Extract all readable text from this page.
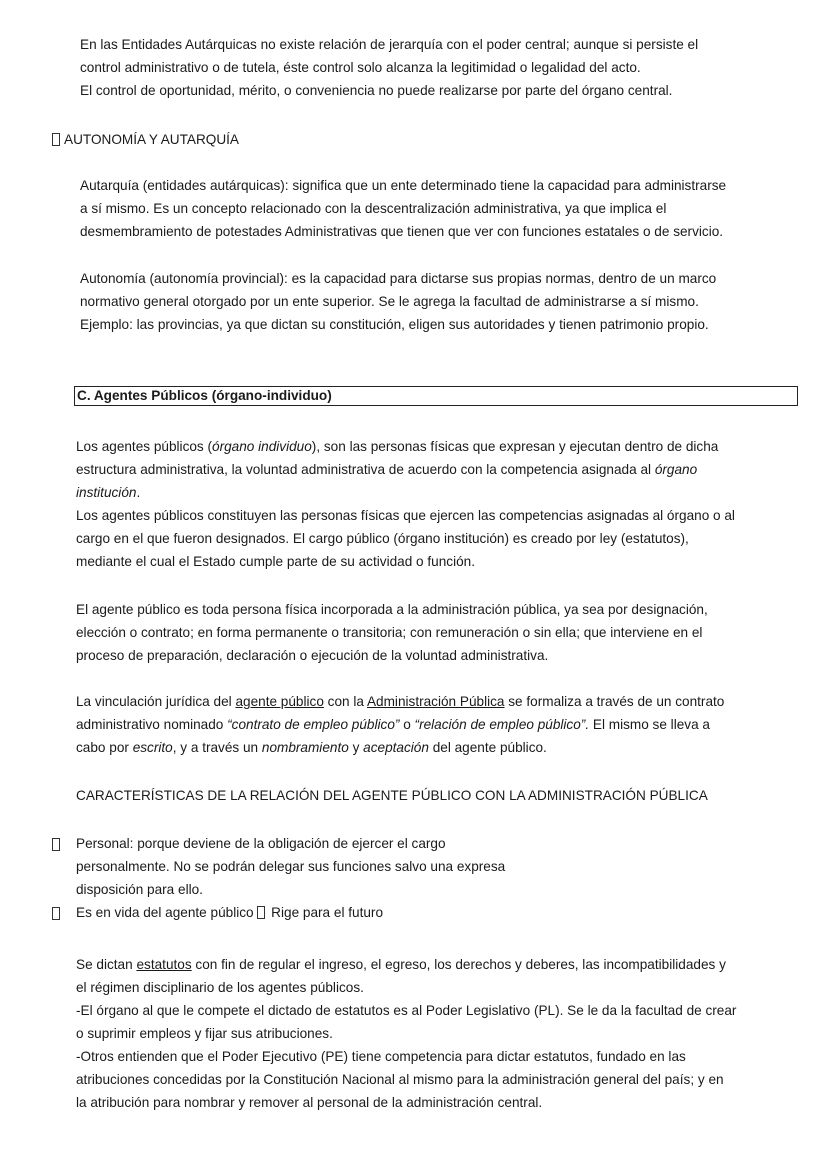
En las Entidades Autárquicas no existe relación de jerarquía con el poder central; aunque si persiste el
control administrativo o de tutela, éste control solo alcanza la legitimidad o legalidad del acto.
El control de oportunidad, mérito, o conveniencia no puede realizarse por parte del órgano central.
AUTONOMÍA Y AUTARQUÍA
Autarquía (entidades autárquicas): significa que un ente determinado tiene la capacidad para administrarse
a sí mismo. Es un concepto relacionado con la descentralización administrativa, ya que implica el
desmembramiento de potestades Administrativas que tienen que ver con funciones estatales o de servicio.
Autonomía (autonomía provincial): es la capacidad para dictarse sus propias normas, dentro de un marco
normativo general otorgado por un ente superior. Se le agrega la facultad de administrarse a sí mismo.
Ejemplo: las provincias, ya que dictan su constitución, eligen sus autoridades y tienen patrimonio propio.
C. Agentes Públicos (órgano-individuo)
Los agentes públicos (órgano individuo), son las personas físicas que expresan y ejecutan dentro de dicha
estructura administrativa, la voluntad administrativa de acuerdo con la competencia asignada al órgano
institución.
Los agentes públicos constituyen las personas físicas que ejercen las competencias asignadas al órgano o al
cargo en el que fueron designados. El cargo público (órgano institución) es creado por ley (estatutos),
mediante el cual el Estado cumple parte de su actividad o función.
El agente público es toda persona física incorporada a la administración pública, ya sea por designación,
elección o contrato; en forma permanente o transitoria; con remuneración o sin ella; que interviene en el
proceso de preparación, declaración o ejecución de la voluntad administrativa.
La vinculación jurídica del agente público con la Administración Pública se formaliza a través de un contrato
administrativo nominado “contrato de empleo público” o “relación de empleo público”. El mismo se lleva a
cabo por escrito, y a través un nombramiento y aceptación del agente público.
CARACTERÍSTICAS DE LA RELACIÓN DEL AGENTE PÚBLICO CON LA ADMINISTRACIÓN PÚBLICA
Personal: porque deviene de la obligación de ejercer el cargo
personalmente. No se podrán delegar sus funciones salvo una expresa
disposición para ello.
Es en vida del agente público Rige para el futuro
Se dictan estatutos con fin de regular el ingreso, el egreso, los derechos y deberes, las incompatibilidades y
el régimen disciplinario de los agentes públicos.
-El órgano al que le compete el dictado de estatutos es al Poder Legislativo (PL). Se le da la facultad de crear
o suprimir empleos y fijar sus atribuciones.
-Otros entienden que el Poder Ejecutivo (PE) tiene competencia para dictar estatutos, fundado en las
atribuciones concedidas por la Constitución Nacional al mismo para la administración general del país; y en
la atribución para nombrar y remover al personal de la administración central.
